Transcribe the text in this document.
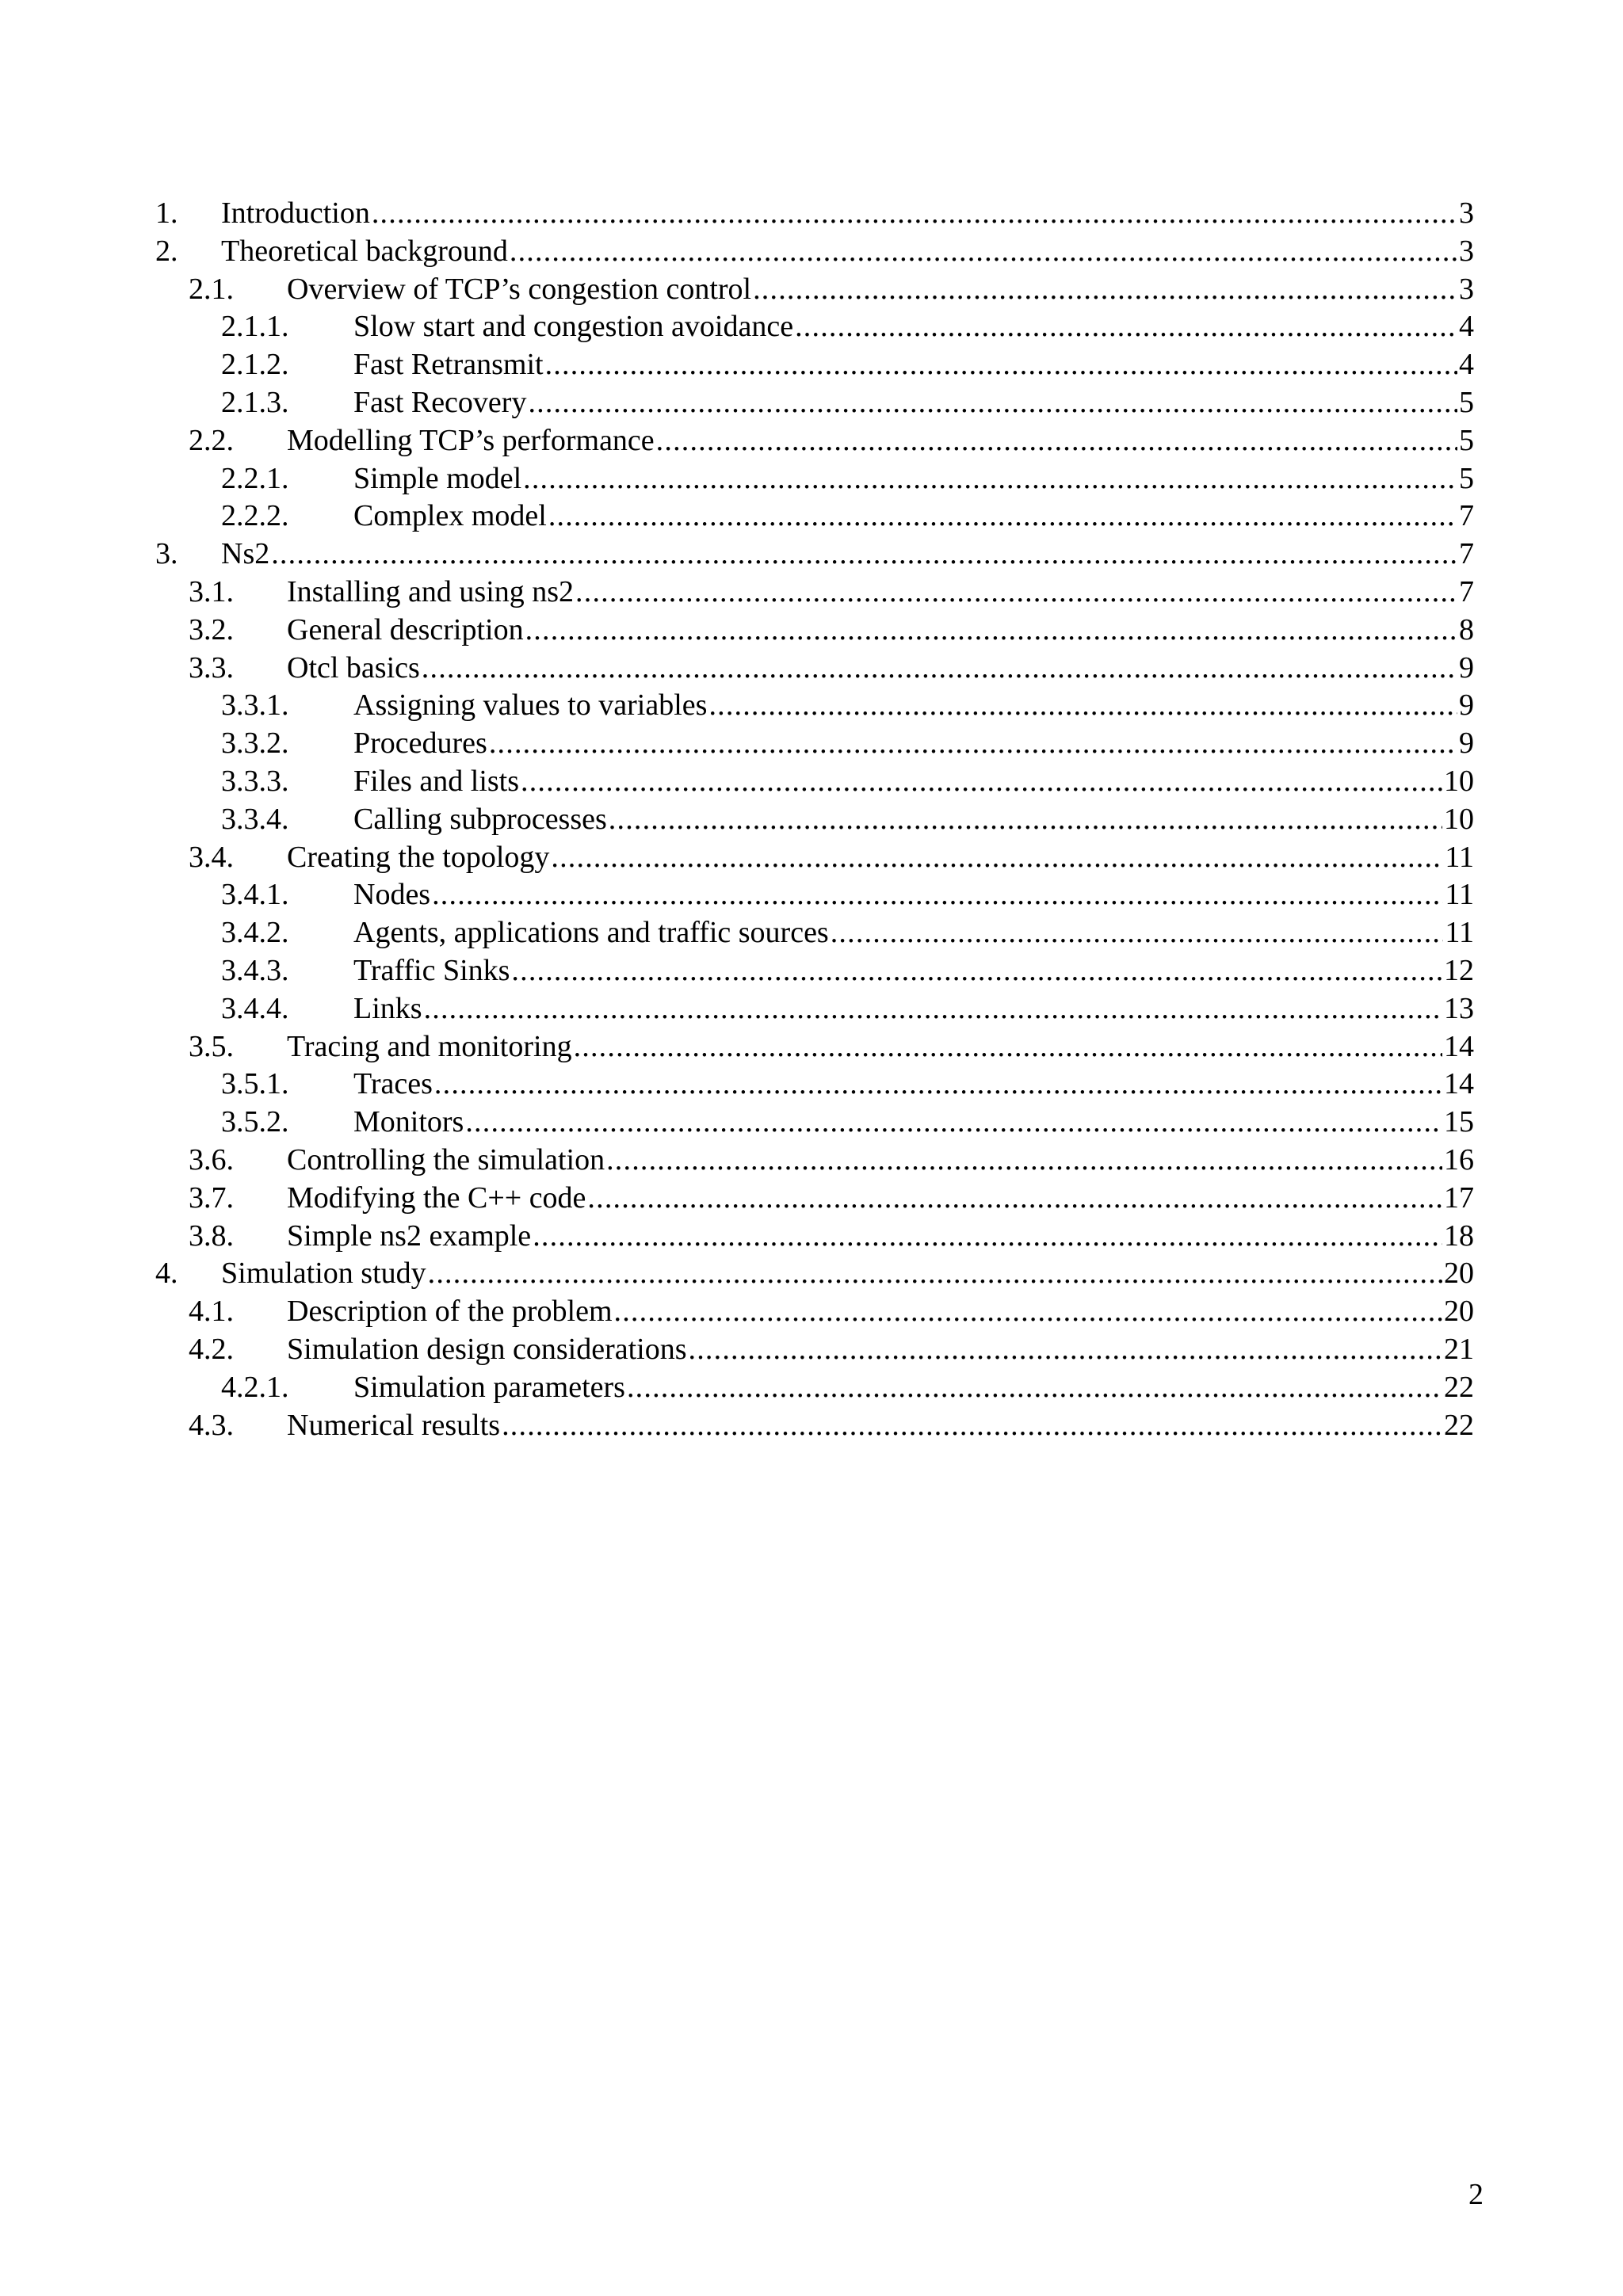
1. Introduction .....	3
2. Theoretical background .....	3
2.1. Overview of TCP’s congestion control .....	3
2.1.1. Slow start and congestion avoidance .....	4
2.1.2. Fast Retransmit .....	4
2.1.3. Fast Recovery .....	5
2.2. Modelling TCP’s performance .....	5
2.2.1. Simple model .....	5
2.2.2. Complex model .....	7
3. Ns2 .....	7
3.1. Installing and using ns2 .....	7
3.2. General description .....	8
3.3. Otcl basics .....	9
3.3.1. Assigning values to variables .....	9
3.3.2. Procedures .....	9
3.3.3. Files and lists .....	10
3.3.4. Calling subprocesses .....	10
3.4. Creating the topology .....	11
3.4.1. Nodes .....	11
3.4.2. Agents, applications and traffic sources .....	11
3.4.3. Traffic Sinks .....	12
3.4.4. Links .....	13
3.5. Tracing and monitoring .....	14
3.5.1. Traces .....	14
3.5.2. Monitors .....	15
3.6. Controlling the simulation .....	16
3.7. Modifying the C++ code .....	17
3.8. Simple ns2 example .....	18
4. Simulation study .....	20
4.1. Description of the problem .....	20
4.2. Simulation design considerations .....	21
4.2.1. Simulation parameters .....	22
4.3. Numerical results .....	22
2
